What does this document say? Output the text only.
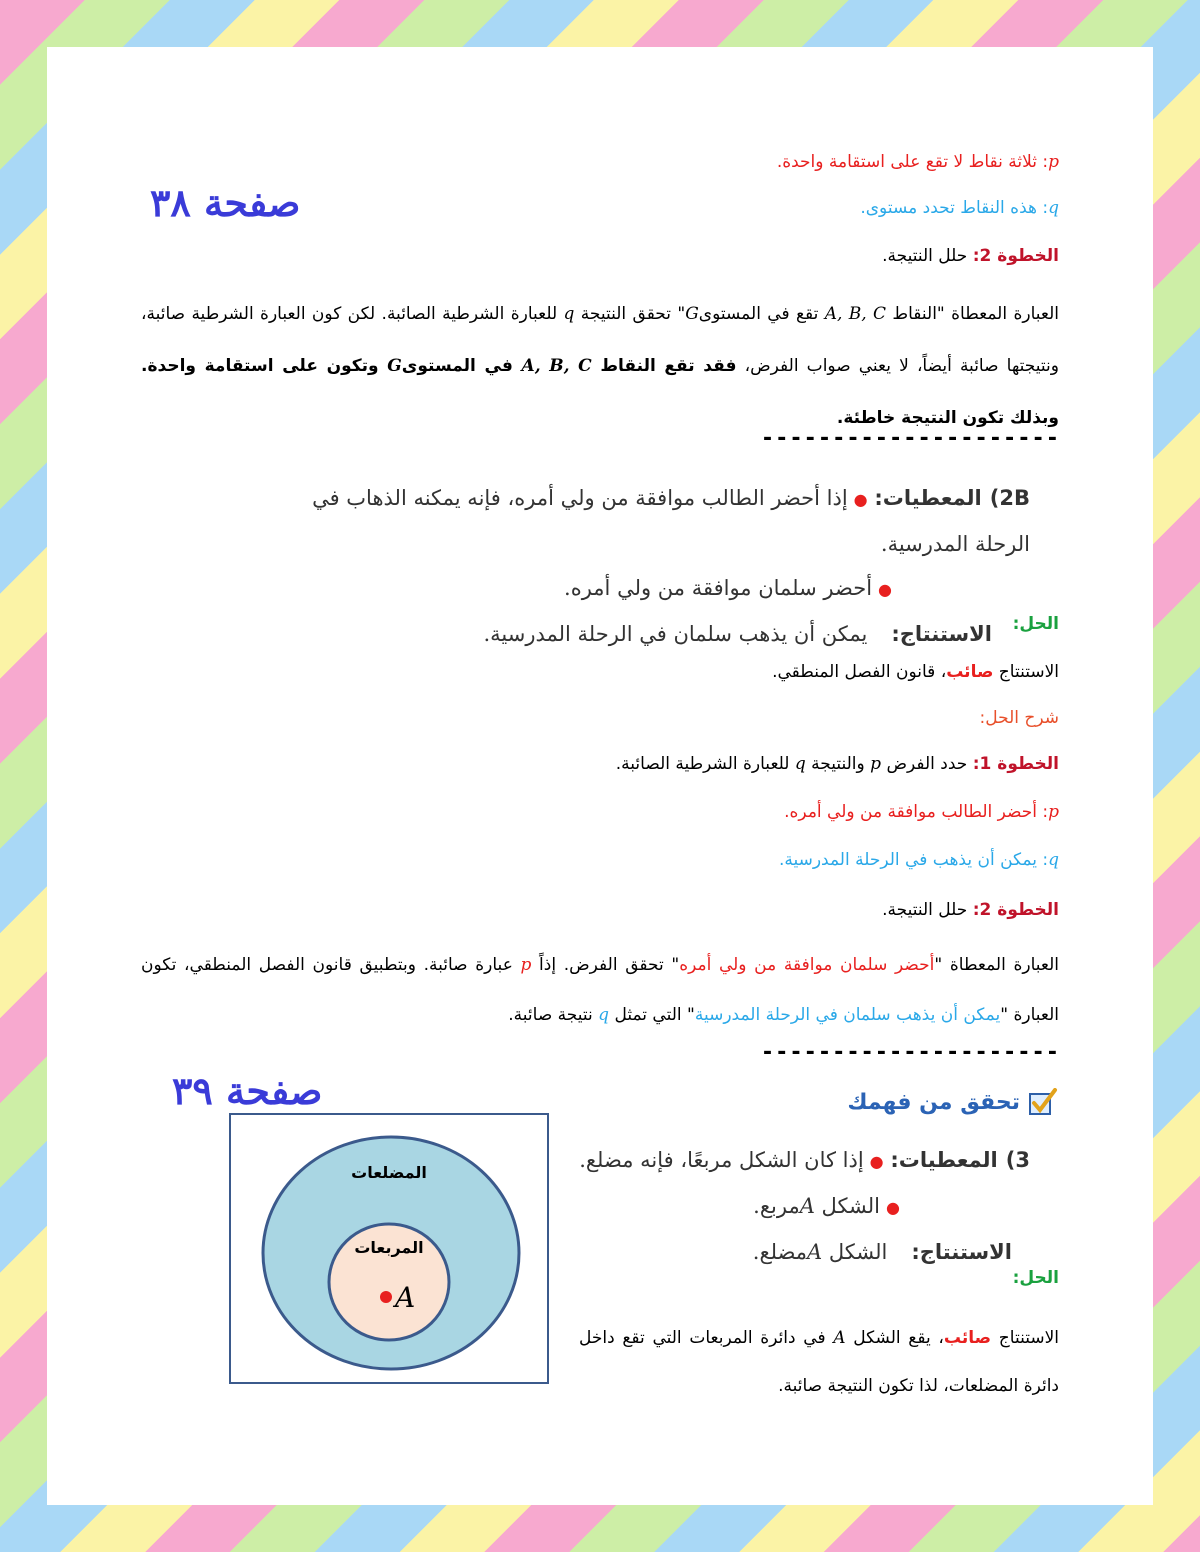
صفحة ٣٨
صفحة ٣٩
p: ثلاثة نقاط لا تقع على استقامة واحدة.
q: هذه النقاط تحدد مستوى.
الخطوة 2: حلل النتيجة.
العبارة المعطاة "النقاط A, B, C تقع في المستوىG" تحقق النتيجة q للعبارة الشرطية الصائبة. لكن كون العبارة الشرطية صائبة، ونتيجتها صائبة أيضاً، لا يعني صواب الفرض، فقد تقع النقاط A, B, C في المستوىG وتكون على استقامة واحدة. وبذلك تكون النتيجة خاطئة.
---------------------
2B)المعطيات: ●إذا أحضر الطالب موافقة من ولي أمره، فإنه يمكنه الذهاب في الرحلة المدرسية.
●أحضر سلمان موافقة من ولي أمره.
الاستنتاج:يمكن أن يذهب سلمان في الرحلة المدرسية.	الحل:
الاستنتاج صائب، قانون الفصل المنطقي.
شرح الحل:
الخطوة 1: حدد الفرض p والنتيجة q للعبارة الشرطية الصائبة.
p: أحضر الطالب موافقة من ولي أمره.
q: يمكن أن يذهب في الرحلة المدرسية.
الخطوة 2: حلل النتيجة.
العبارة المعطاة "أحضر سلمان موافقة من ولي أمره" تحقق الفرض. إذاً p عبارة صائبة. وبتطبيق قانون الفصل المنطقي، تكون العبارة "يمكن أن يذهب سلمان في الرحلة المدرسية" التي تمثل q نتيجة صائبة.
---------------------
تحقق من فهمك
3)المعطيات: ●إذا كان الشكل مربعًا، فإنه مضلع.
●الشكل Aمربع.
الاستنتاج:الشكل Aمضلع.
الحل:
الاستنتاج صائب، يقع الشكل A في دائرة المربعات التي تقع داخل دائرة المضلعات، لذا تكون النتيجة صائبة.
المضلعات
المربعات
A
